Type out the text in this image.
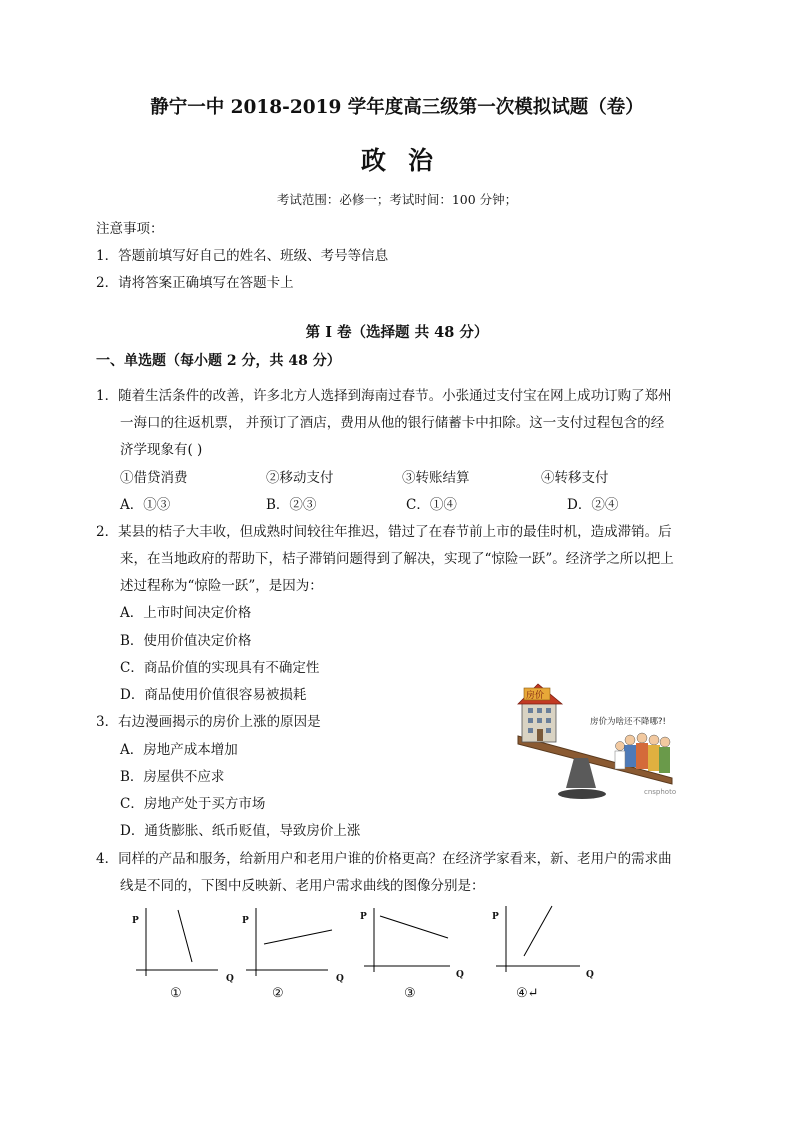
静宁一中 2018-2019 学年度高三级第一次模拟试题（卷）
政治
考试范围：必修一；考试时间：100 分钟；
注意事项：
1．答题前填写好自己的姓名、班级、考号等信息
2．请将答案正确填写在答题卡上
第 I 卷（选择题 共 48 分）
一、单选题（每小题 2 分，共 48 分）
1．随着生活条件的改善，许多北方人选择到海南过春节。小张通过支付宝在网上成功订购了郑州
一海口的往返机票， 并预订了酒店，费用从他的银行储蓄卡中扣除。这一支付过程包含的经
济学现象有( )
①借贷消费	②移动支付	③转账结算	④转移支付
A．①③	B．②③	C．①④	D．②④
2．某县的桔子大丰收，但成熟时间较往年推迟，错过了在春节前上市的最佳时机，造成滞销。后
来，在当地政府的帮助下，桔子滞销问题得到了解决，实现了“惊险一跃”。经济学之所以把上
述过程称为“惊险一跃”，是因为：
A．上市时间决定价格
B．使用价值决定价格
C．商品价值的实现具有不确定性
D．商品使用价值很容易被损耗
3．右边漫画揭示的房价上涨的原因是
A．房地产成本增加
B．房屋供不应求
C．房地产处于买方市场
D．通货膨胀、纸币贬值，导致房价上涨
房价
房价为啥还不降哪?!
cnsphoto
4．同样的产品和服务，给新用户和老用户谁的价格更高？在经济学家看来，新、老用户的需求曲
线是不同的，下图中反映新、老用户需求曲线的图像分别是：
P
Q
①
P
Q
②
P
Q
③
P
Q
④↵
